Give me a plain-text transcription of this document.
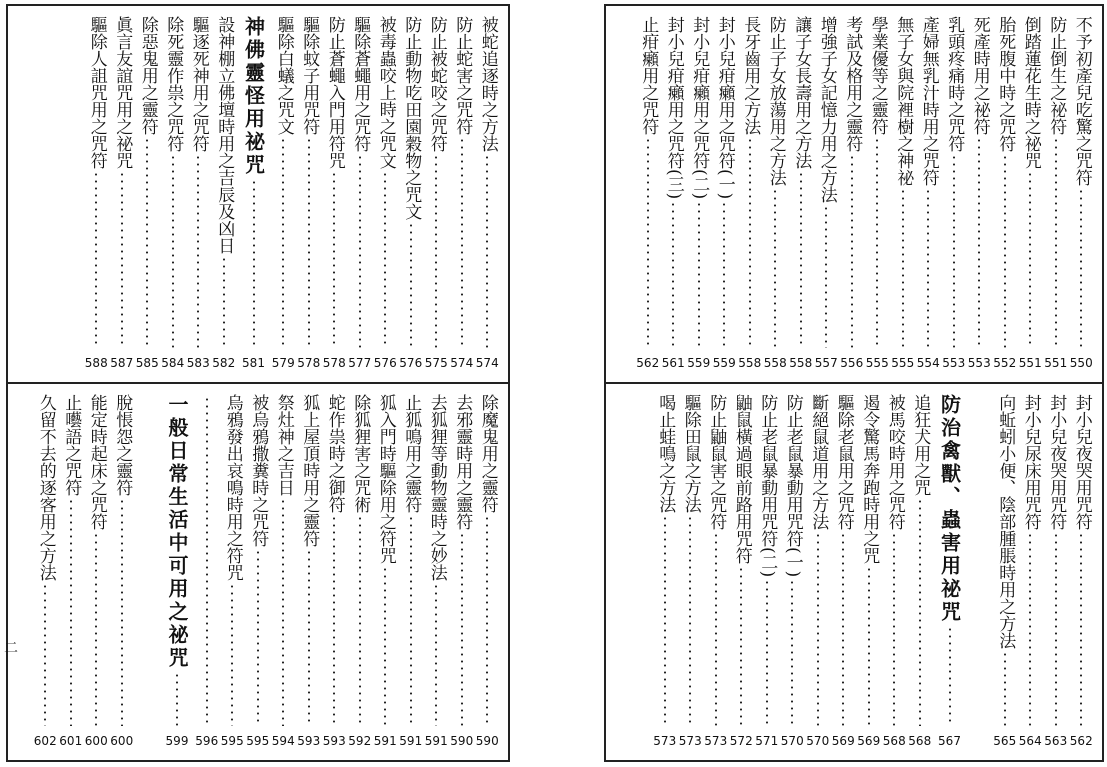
被蛇追逐時之方法
574
防止蛇害之咒符
574
防止被蛇咬之咒符
575
防止動物吃田園穀物之咒文
576
被毒蟲咬上時之咒文
576
驅除蒼蠅用之咒符
577
防止蒼蠅入門用符咒
578
驅除蚊子用咒符
578
驅除白蟻之咒文
579
神佛靈怪用祕咒
581
設神棚立佛壇時用之吉辰及凶日
582
驅逐死神用之咒符
583
除死靈作祟之咒符
584
除惡鬼用之靈符
585
眞言友誼咒用之祕咒
587
驅除人詛咒用之咒符
588
除魔鬼用之靈符
590
去邪靈時用之靈符
590
去狐狸等動物靈時之妙法
591
止狐鳴用之靈符
591
狐入門時驅除用之符咒
591
除狐狸害之咒術
592
蛇作祟時之御符
593
狐上屋頂時用之靈符
593
祭灶神之吉日
594
被烏鴉撒糞時之咒符
595
烏鴉發出哀鳴時用之符咒
595
596
一般日常生活中可用之祕咒
599
脫悵怨之靈符
600
能定時起床之咒符
600
止囈語之咒符
601
久留不去的逐客用之方法
602
二
不予初產兒吃驚之咒符
550
防止倒生之祕符
551
倒踏蓮花生時之祕咒
551
胎死腹中時之咒符
552
死產時用之祕符
553
乳頭疼痛時之咒符
553
產婦無乳汁時用之咒符
554
無子女與院裡樹之神祕
555
學業優等之靈符
555
考試及格用之靈符
556
增強子女記憶力用之方法
557
讓子女長壽用之方法
558
防止子女放蕩用之方法
558
長牙齒用之方法
558
封小兒疳癩用之咒符(一)
559
封小兒疳癩用之咒符(二)
559
封小兒疳癩用之咒符(三)
561
止疳癩用之咒符
562
封小兒夜哭用咒符
562
封小兒夜哭用咒符
563
封小兒尿床用咒符
564
向蚯蚓小便、陰部腫脹時用之方法
565
防治禽獸、蟲害用祕咒
567
追狂犬用之咒
568
被馬咬時用之咒符
568
遏令驚馬奔跑時用之咒
569
驅除老鼠用之咒符
569
斷絕鼠道用之方法
570
防止老鼠暴動用咒符(一)
570
防止老鼠暴動用咒符(二)
571
鼬鼠橫過眼前路用咒符
572
防止鼬鼠害之咒符
573
驅除田鼠之方法
573
喝止蛙鳴之方法
573
